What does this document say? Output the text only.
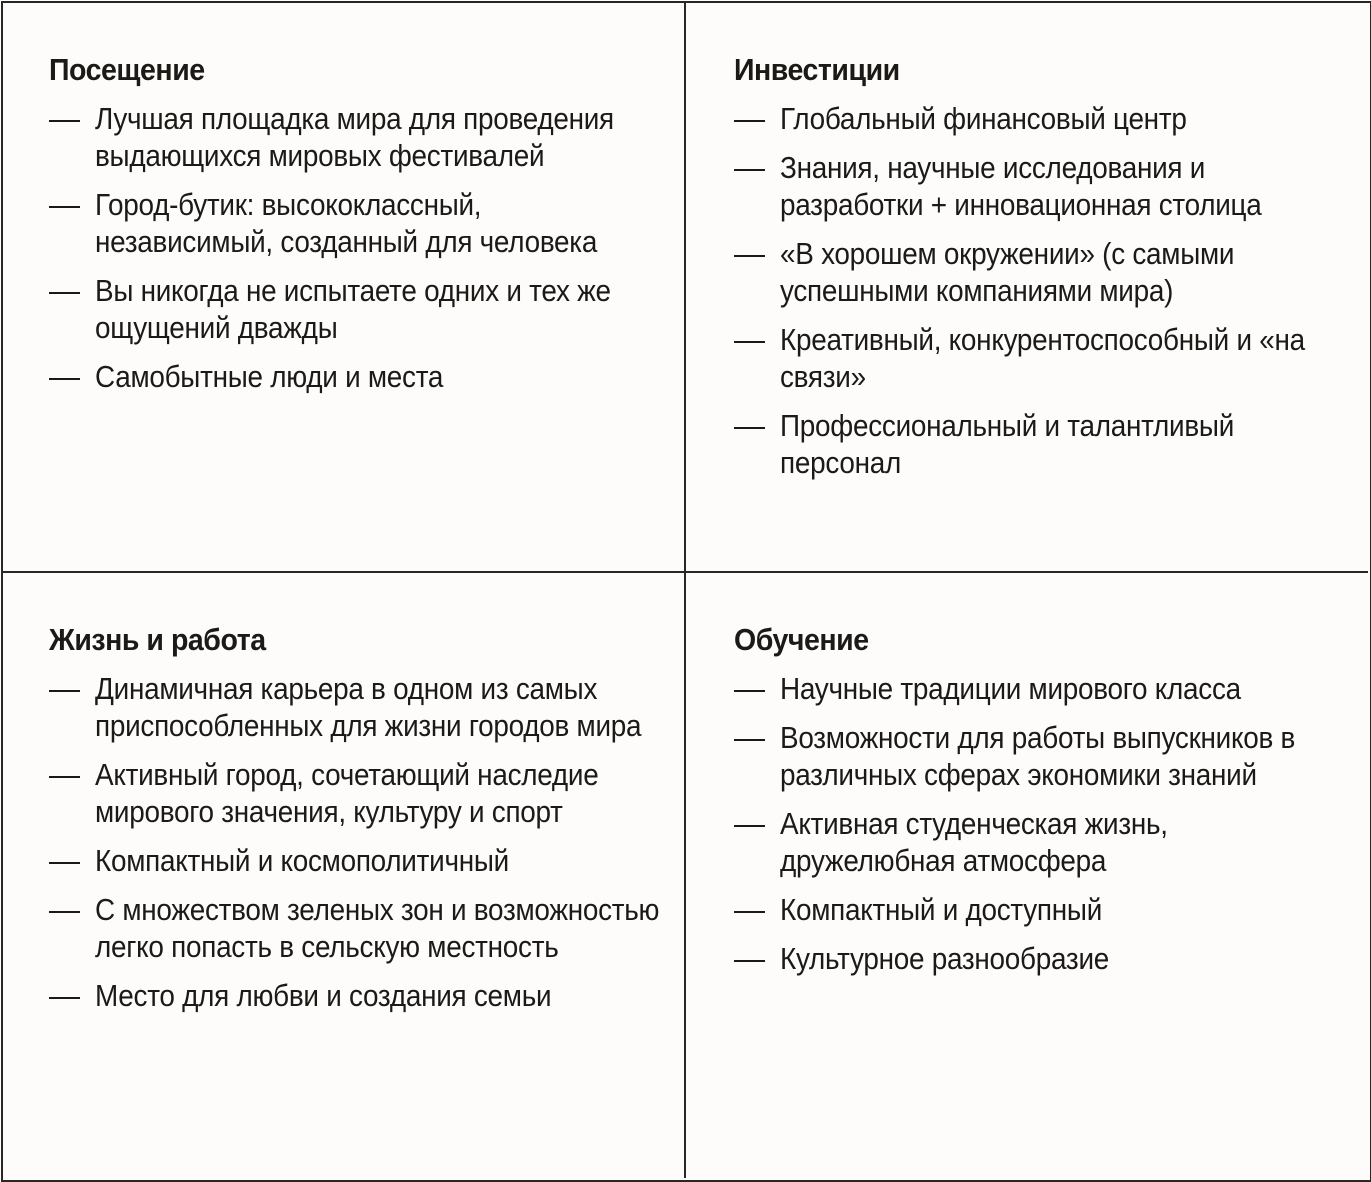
Посещение
— Лучшая площадка мира для проведения выдающихся мировых фестивалей
— Город-бутик: высококлассный, независимый, созданный для человека
— Вы никогда не испытаете одних и тех же ощущений дважды
— Самобытные люди и места
Инвестиции
— Глобальный финансовый центр
— Знания, научные исследования и разработки + инновационная столица
— «В хорошем окружении» (с самыми успешными компаниями мира)
— Креативный, конкурентоспособный и «на связи»
— Профессиональный и талантливый персонал
Жизнь и работа
— Динамичная карьера в одном из самых приспособленных для жизни городов мира
— Активный город, сочетающий наследие мирового значения, культуру и спорт
— Компактный и космополитичный
— С множеством зеленых зон и возможностью легко попасть в сельскую местность
— Место для любви и создания семьи
Обучение
— Научные традиции мирового класса
— Возможности для работы выпускников в различных сферах экономики знаний
— Активная студенческая жизнь, дружелюбная атмосфера
— Компактный и доступный
— Культурное разнообразие
